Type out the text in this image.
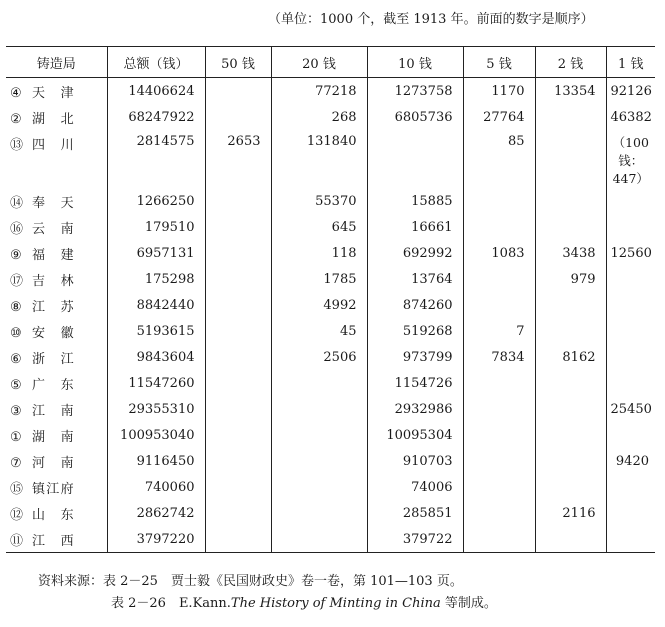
（单位：1000 个，截至 1913 年。前面的数字是顺序）
铸造局	总额（钱）	50 钱	20 钱	10 钱	5 钱	2 钱	1 钱
④ 天　津	14406624		77218	1273758	1170	13354	92126
② 湖　北	68247922		268	6805736	27764		46382
⑬ 四　川	2814575	2653	131840		85		（100 钱：447）
⑭ 奉　天	1266250		55370	15885			
⑯ 云　南	179510		645	16661			
⑨ 福　建	6957131		118	692992	1083	3438	12560
⑰ 吉　林	175298		1785	13764		979	
⑧ 江　苏	8842440		4992	874260			
⑩ 安　徽	5193615		45	519268	7		
⑥ 浙　江	9843604		2506	973799	7834	8162	
⑤ 广　东	11547260			1154726			
③ 江　南	29355310			2932986			25450
① 湖　南	100953040			10095304			
⑦ 河　南	9116450			910703			9420
⑮ 镇江府	740060			74006			
⑫ 山　东	2862742			285851		2116	
⑪ 江　西	3797220			379722			
资料来源：表 2－25　贾士毅《民国财政史》卷一卷，第 101—103 页。
表 2－26　E.Kann.The History of Minting in China 等制成。
